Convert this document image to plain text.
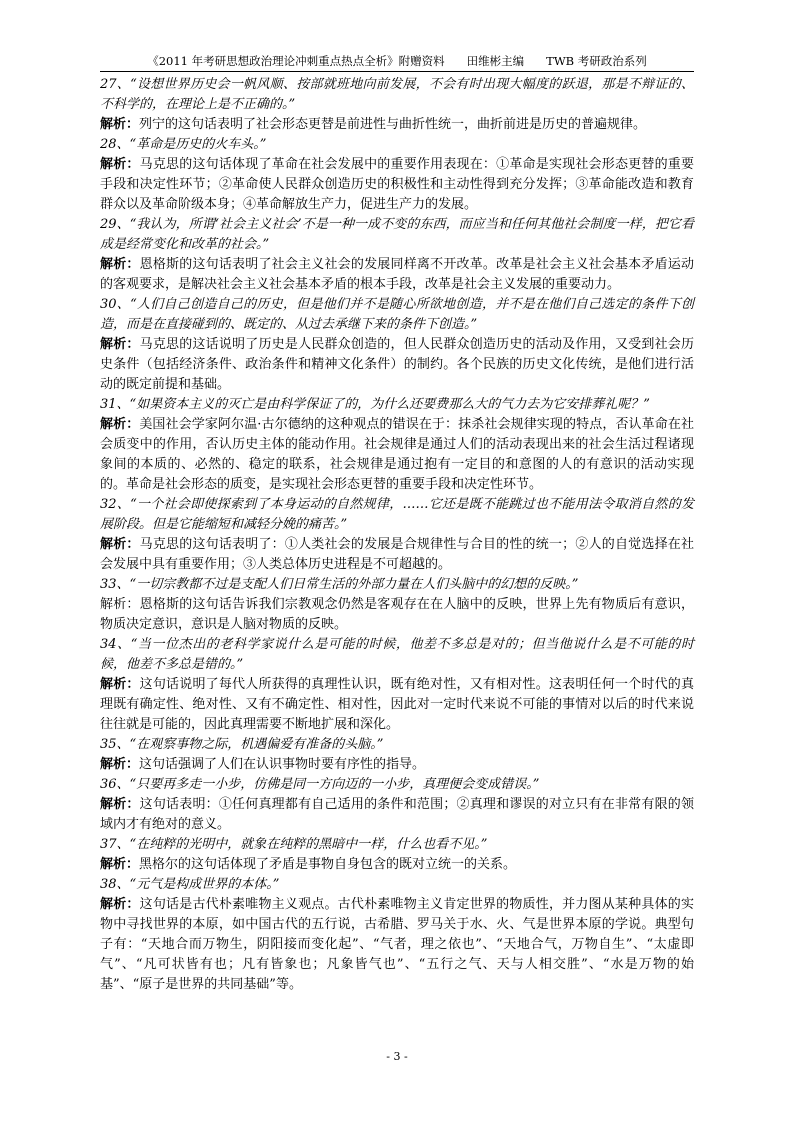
《2011 年考研思想政治理论冲刺重点热点全析》附赠资料 田维彬主编 TWB 考研政治系列

27、“设想世界历史会一帆风顺、按部就班地向前发展，不会有时出现大幅度的跃退，那是不辩证的、不科学的，在理论上是不正确的。”

解析：列宁的这句话表明了社会形态更替是前进性与曲折性统一，曲折前进是历史的普遍规律。

28、“革命是历史的火车头。”

解析：马克思的这句话体现了革命在社会发展中的重要作用表现在：①革命是实现社会形态更替的重要手段和决定性环节；②革命使人民群众创造历史的积极性和主动性得到充分发挥；③革命能改造和教育群众以及革命阶级本身；④革命解放生产力，促进生产力的发展。

29、“我认为，所谓‘社会主义社会’不是一种一成不变的东西，而应当和任何其他社会制度一样，把它看成是经常变化和改革的社会。”

解析：恩格斯的这句话表明了社会主义社会的发展同样离不开改革。改革是社会主义社会基本矛盾运动的客观要求，是解决社会主义社会基本矛盾的根本手段，改革是社会主义发展的重要动力。

30、“人们自己创造自己的历史，但是他们并不是随心所欲地创造，并不是在他们自己选定的条件下创造，而是在直接碰到的、既定的、从过去承继下来的条件下创造。”

解析：马克思的这话说明了历史是人民群众创造的，但人民群众创造历史的活动及作用，又受到社会历史条件（包括经济条件、政治条件和精神文化条件）的制约。各个民族的历史文化传统，是他们进行活动的既定前提和基础。

31、“如果资本主义的灭亡是由科学保证了的，为什么还要费那么大的气力去为它安排葬礼呢？”

解析：美国社会学家阿尔温·古尔德纳的这种观点的错误在于：抹杀社会规律实现的特点，否认革命在社会质变中的作用，否认历史主体的能动作用。社会规律是通过人们的活动表现出来的社会生活过程诸现象间的本质的、必然的、稳定的联系，社会规律是通过抱有一定目的和意图的人的有意识的活动实现的。革命是社会形态的质变，是实现社会形态更替的重要手段和决定性环节。

32、“一个社会即使探索到了本身运动的自然规律，……它还是既不能跳过也不能用法令取消自然的发展阶段。但是它能缩短和减轻分娩的痛苦。”

解析：马克思的这句话表明了：①人类社会的发展是合规律性与合目的性的统一；②人的自觉选择在社会发展中具有重要作用；③人类总体历史进程是不可超越的。

33、“一切宗教都不过是支配人们日常生活的外部力量在人们头脑中的幻想的反映。”

解析：恩格斯的这句话告诉我们宗教观念仍然是客观存在在人脑中的反映，世界上先有物质后有意识，物质决定意识，意识是人脑对物质的反映。

34、“当一位杰出的老科学家说什么是可能的时候，他差不多总是对的；但当他说什么是不可能的时候，他差不多总是错的。”

解析：这句话说明了每代人所获得的真理性认识，既有绝对性，又有相对性。这表明任何一个时代的真理既有确定性、绝对性、又有不确定性、相对性，因此对一定时代来说不可能的事情对以后的时代来说往往就是可能的，因此真理需要不断地扩展和深化。

35、“在观察事物之际，机遇偏爱有准备的头脑。”

解析：这句话强调了人们在认识事物时要有序性的指导。

36、“只要再多走一小步，仿佛是同一方向迈的一小步，真理便会变成错误。”

解析：这句话表明：①任何真理都有自己适用的条件和范围；②真理和谬误的对立只有在非常有限的领域内才有绝对的意义。

37、“在纯粹的光明中，就象在纯粹的黑暗中一样，什么也看不见。”

解析：黑格尔的这句话体现了矛盾是事物自身包含的既对立统一的关系。

38、“元气是构成世界的本体。”

解析：这句话是古代朴素唯物主义观点。古代朴素唯物主义肯定世界的物质性，并力图从某种具体的实物中寻找世界的本原，如中国古代的五行说，古希腊、罗马关于水、火、气是世界本原的学说。典型句子有：“天地合而万物生，阴阳接而变化起”、“气者，理之依也”、“天地合气，万物自生”、“太虚即气”、“凡可状皆有也；凡有皆象也；凡象皆气也”、“五行之气、天与人相交胜”、“水是万物的始基”、“原子是世界的共同基础”等。

- 3 -
